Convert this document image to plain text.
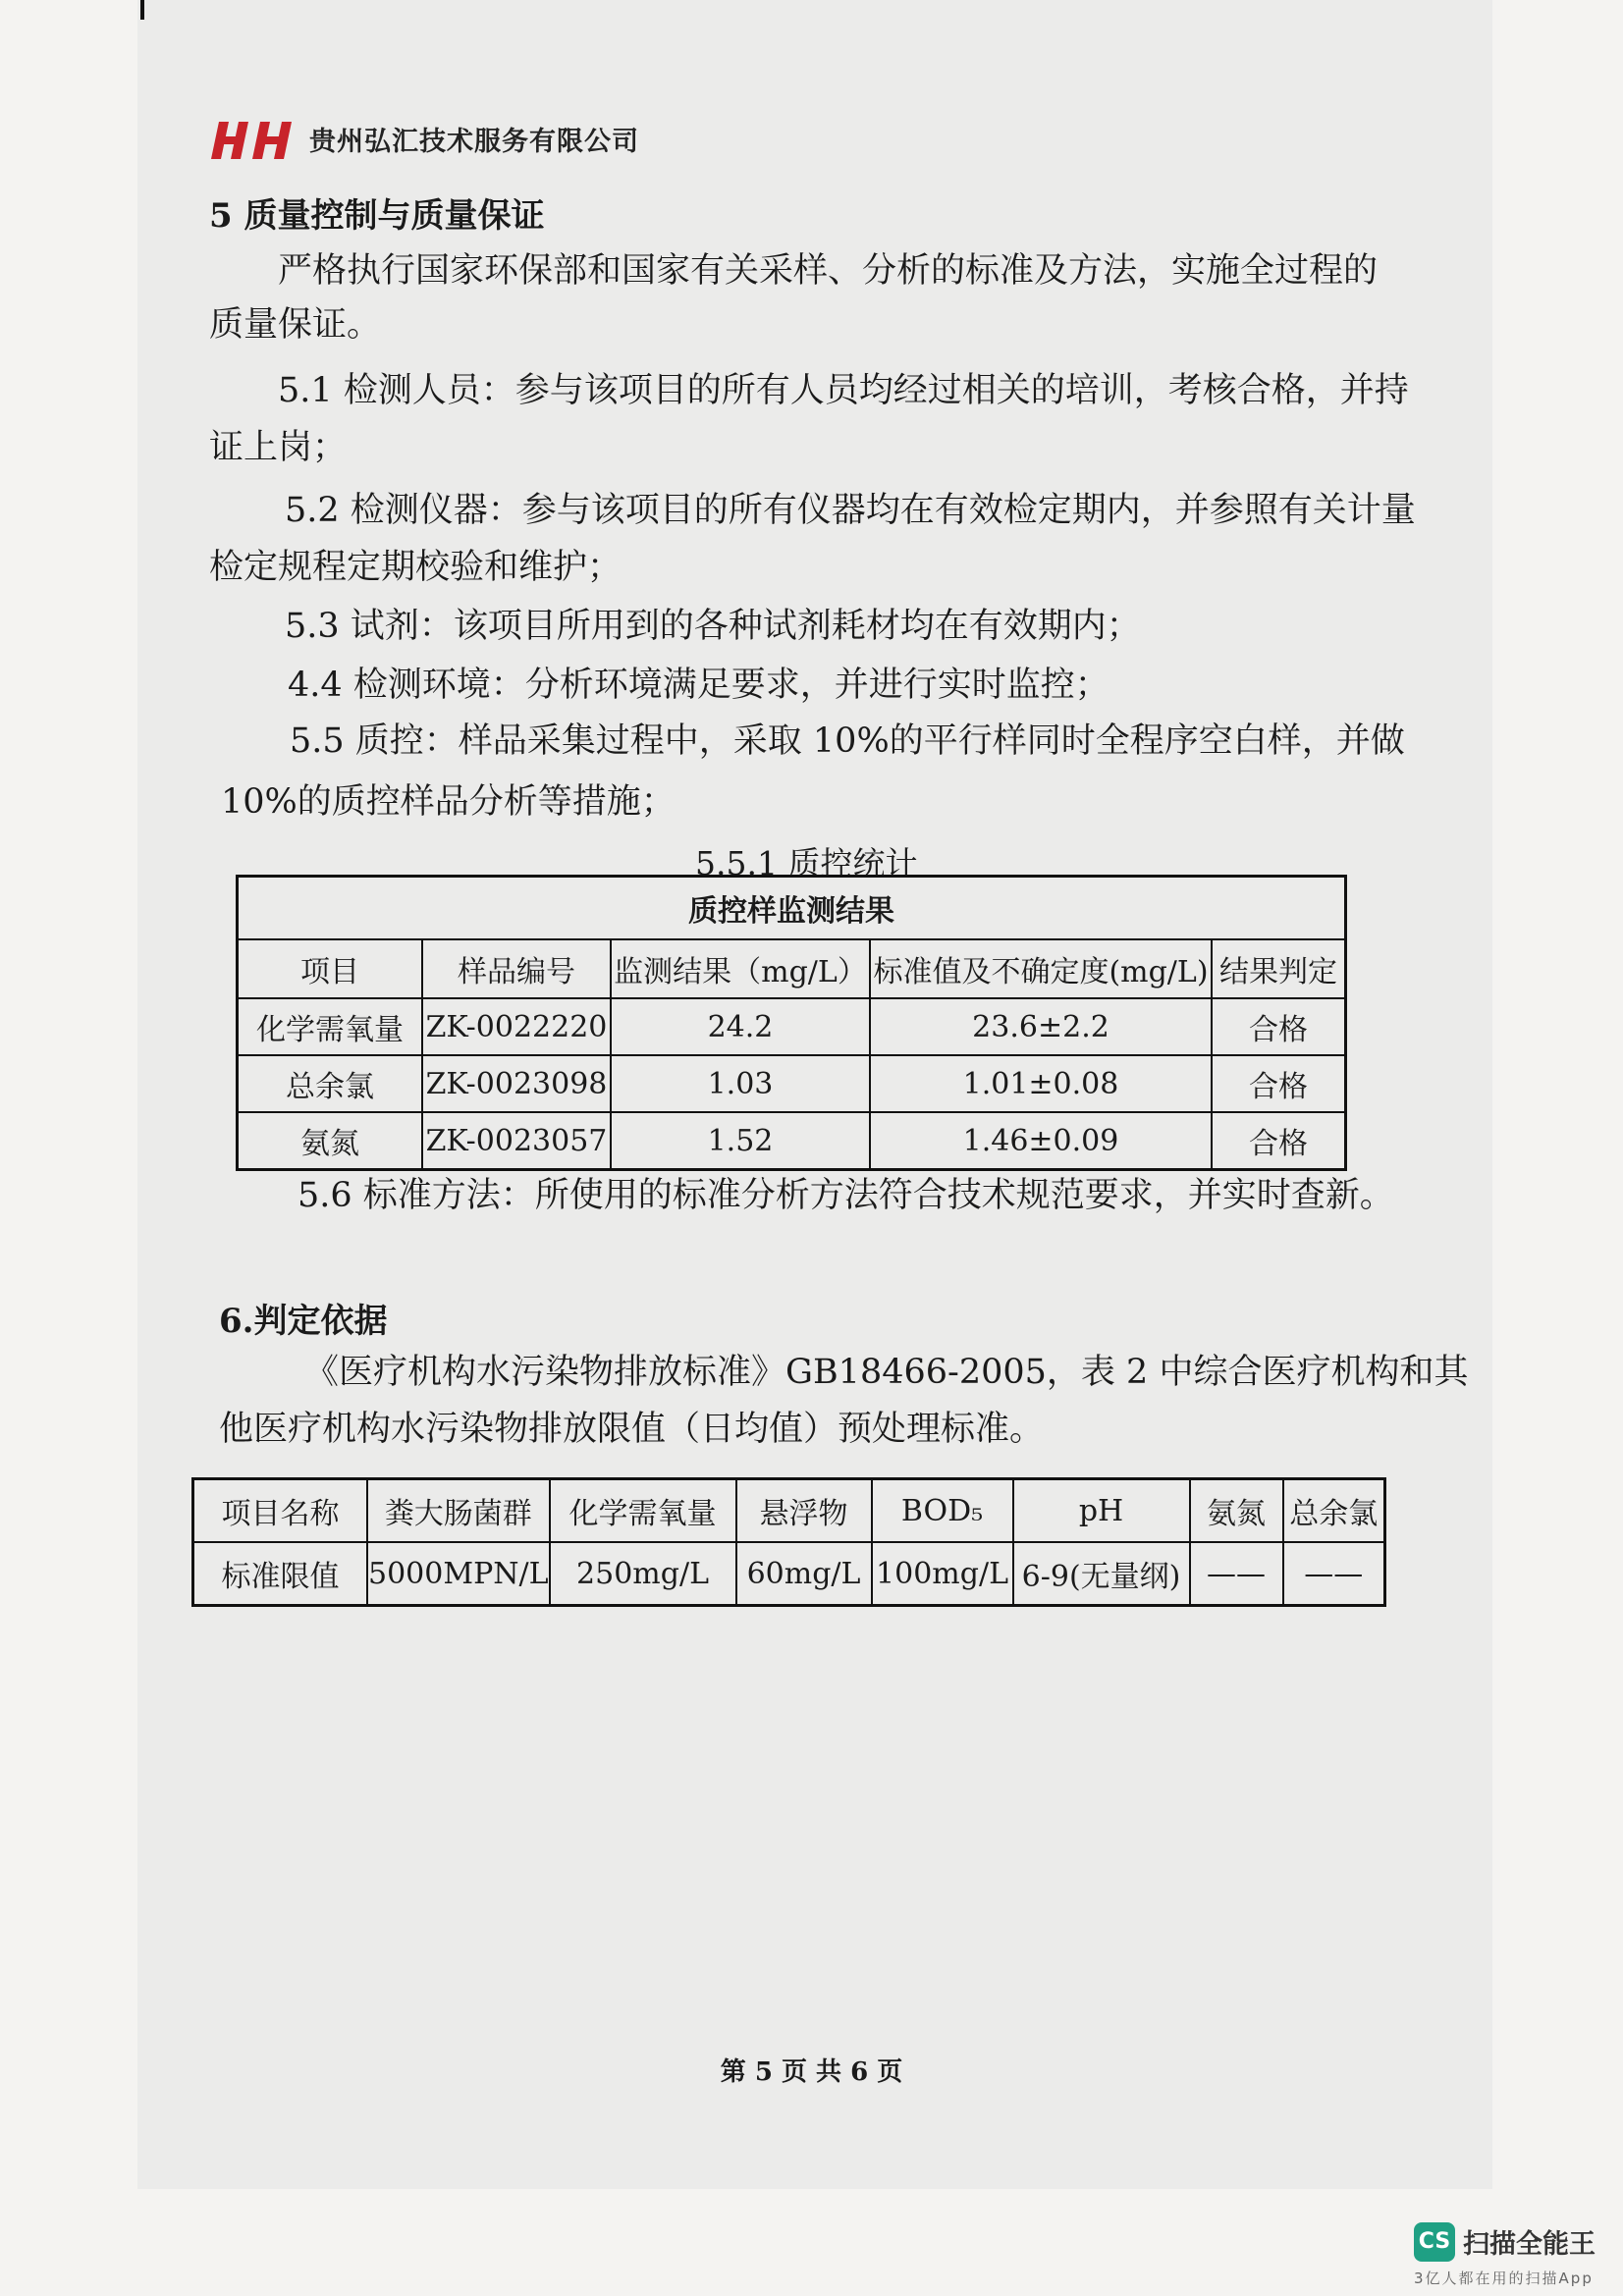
贵州弘汇技术服务有限公司
5 质量控制与质量保证
严格执行国家环保部和国家有关采样、分析的标准及方法，实施全过程的
质量保证。
5.1 检测人员：参与该项目的所有人员均经过相关的培训，考核合格，并持
证上岗；
5.2 检测仪器：参与该项目的所有仪器均在有效检定期内，并参照有关计量
检定规程定期校验和维护；
5.3 试剂：该项目所用到的各种试剂耗材均在有效期内；
4.4 检测环境：分析环境满足要求，并进行实时监控；
5.5 质控：样品采集过程中，采取 10%的平行样同时全程序空白样，并做
10%的质控样品分析等措施；
5.5.1 质控统计
质控样监测结果				
项目	样品编号	监测结果（mg/L）	标准值及不确定度(mg/L)	结果判定
化学需氧量	ZK-0022220	24.2	23.6±2.2	合格
总余氯	ZK-0023098	1.03	1.01±0.08	合格
氨氮	ZK-0023057	1.52	1.46±0.09	合格
5.6 标准方法：所使用的标准分析方法符合技术规范要求，并实时查新。
6.判定依据
《医疗机构水污染物排放标准》GB18466-2005，表 2 中综合医疗机构和其
他医疗机构水污染物排放限值（日均值）预处理标准。
项目名称	粪大肠菌群	化学需氧量	悬浮物	BOD₅	pH	氨氮	总余氯
标准限值	5000MPN/L	250mg/L	60mg/L	100mg/L	6-9(无量纲)	——	——
第 5 页 共 6 页
CS 扫描全能王
3亿人都在用的扫描App
